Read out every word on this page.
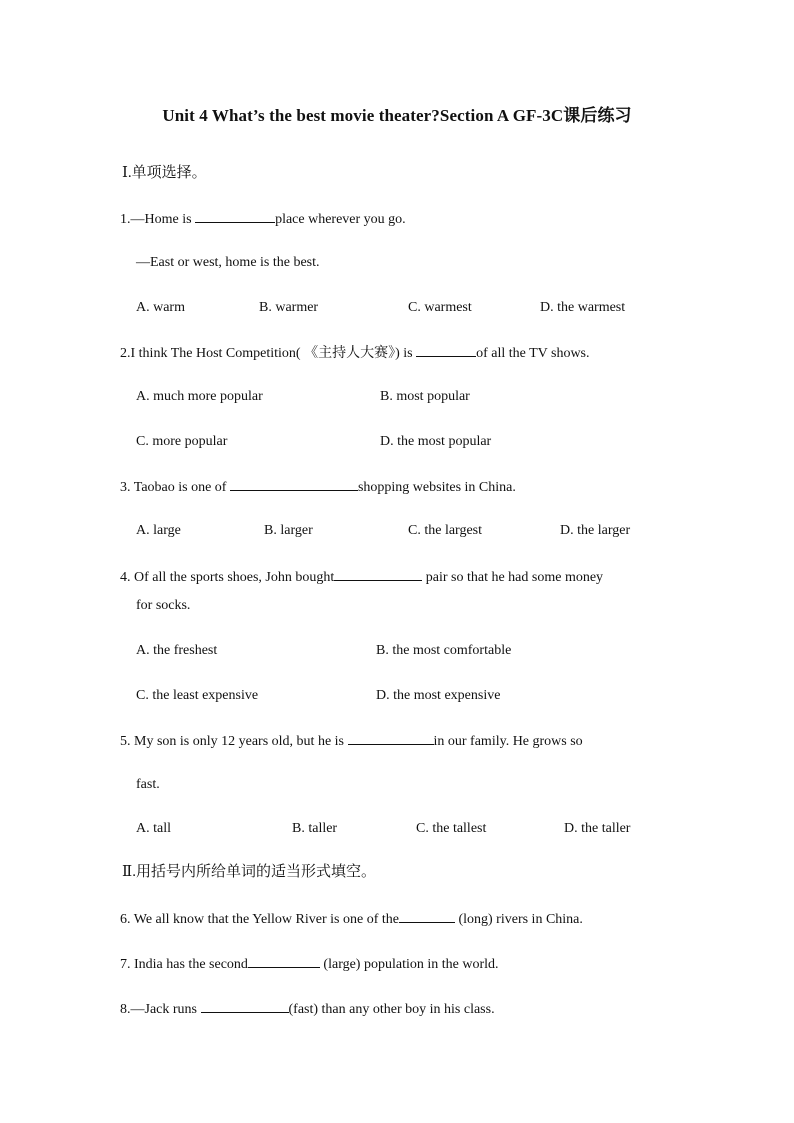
Unit 4 What’s the best movie theater?Section A GF-3C课后练习
Ⅰ.单项选择。
1.—Home is	place wherever you go.
—East or west, home is the best.
A. warm	B. warmer	C. warmest	D. the warmest
2.I think The Host Competition( 《主持人大赛》) is	of all the TV shows.
A. much more popular	B. most popular
C. more popular	D. the most popular
3. Taobao is one of	shopping websites in China.
A. large	B. larger	C. the largest	D. the larger
4. Of all the sports shoes, John bought	pair so that he had some money
for socks.
A. the freshest	B. the most comfortable
C. the least expensive	D. the most expensive
5. My son is only 12 years old, but he is	in our family. He grows so
fast.
A. tall	B. taller	C. the tallest	D. the taller
Ⅱ.用括号内所给单词的适当形式填空。
6. We all know that the Yellow River is one of the	(long) rivers in China.
7. India has the second	(large) population in the world.
8.—Jack runs	(fast) than any other boy in his class.
